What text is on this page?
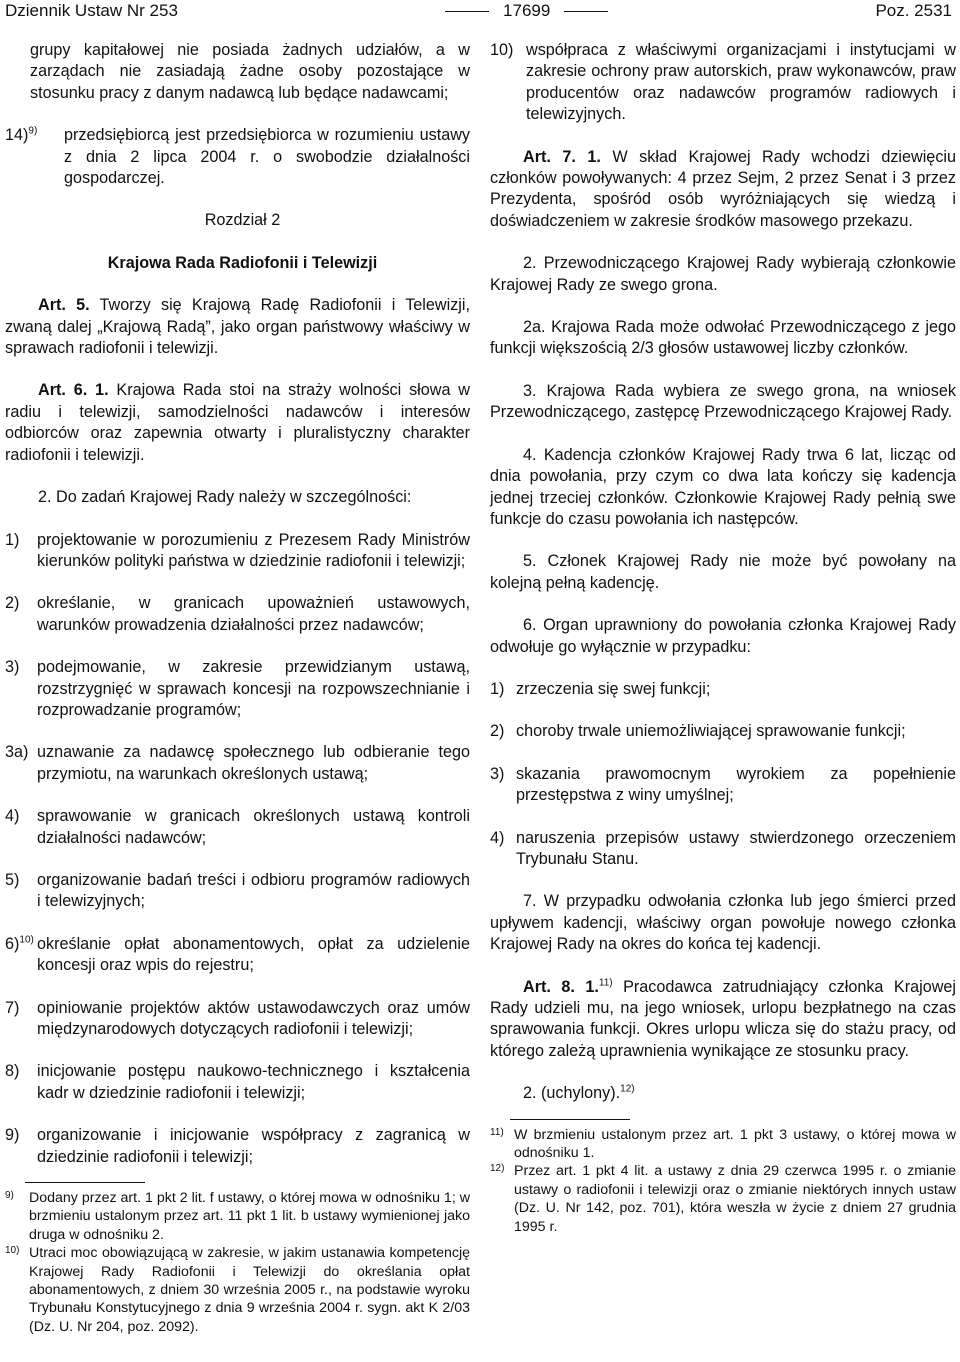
Dziennik Ustaw Nr 253	17699	Poz. 2531

grupy kapitałowej nie posiada żadnych udziałów, a w zarządach nie zasiadają żadne osoby pozostające w stosunku pracy z danym nadawcą lub będące nadawcami;

14)$^{9)}$	przedsiębiorcą jest przedsiębiorca w rozumieniu ustawy z dnia 2 lipca 2004 r. o swobodzie działalności gospodarczej.

Rozdział 2

Krajowa Rada Radiofonii i Telewizji

Art. 5. Tworzy się Krajową Radę Radiofonii i Telewizji, zwaną dalej „Krajową Radą”, jako organ państwowy właściwy w sprawach radiofonii i telewizji.

Art. 6. 1. Krajowa Rada stoi na straży wolności słowa w radiu i telewizji, samodzielności nadawców i interesów odbiorców oraz zapewnia otwarty i pluralistyczny charakter radiofonii i telewizji.

2. Do zadań Krajowej Rady należy w szczególności:

1)	projektowanie w porozumieniu z Prezesem Rady Ministrów kierunków polityki państwa w dziedzinie radiofonii i telewizji;
2)	określanie, w granicach upoważnień ustawowych, warunków prowadzenia działalności przez nadawców;
3)	podejmowanie, w zakresie przewidzianym ustawą, rozstrzygnięć w sprawach koncesji na rozpowszechnianie i rozprowadzanie programów;
3a) uznawanie za nadawcę społecznego lub odbieranie tego przymiotu, na warunkach określonych ustawą;
4)	sprawowanie w granicach określonych ustawą kontroli działalności nadawców;
5)	organizowanie badań treści i odbioru programów radiowych i telewizyjnych;
6)$^{10)}$ określanie opłat abonamentowych, opłat za udzielenie koncesji oraz wpis do rejestru;
7)	opiniowanie projektów aktów ustawodawczych oraz umów międzynarodowych dotyczących radiofonii i telewizji;
8)	inicjowanie postępu naukowo-technicznego i kształcenia kadr w dziedzinie radiofonii i telewizji;
9)	organizowanie i inicjowanie współpracy z zagranicą w dziedzinie radiofonii i telewizji;
9)	Dodany przez art. 1 pkt 2 lit. f ustawy, o której mowa w odnośniku 1; w brzmieniu ustalonym przez art. 11 pkt 1 lit. b ustawy wymienionej jako druga w odnośniku 2.
10) Utraci moc obowiązującą w zakresie, w jakim ustanawia kompetencję Krajowej Rady Radiofonii i Telewizji do określania opłat abonamentowych, z dniem 30 września 2005 r., na podstawie wyroku Trybunału Konstytucyjnego z dnia 9 września 2004 r. sygn. akt K 2/03 (Dz. U. Nr 204, poz. 2092).
10) współpraca z właściwymi organizacjami i instytucjami w zakresie ochrony praw autorskich, praw wykonawców, praw producentów oraz nadawców programów radiowych i telewizyjnych.

Art. 7. 1. W skład Krajowej Rady wchodzi dziewięciu członków powoływanych: 4 przez Sejm, 2 przez Senat i 3 przez Prezydenta, spośród osób wyróżniających się wiedzą i doświadczeniem w zakresie środków masowego przekazu.

2. Przewodniczącego Krajowej Rady wybierają członkowie Krajowej Rady ze swego grona.

2a. Krajowa Rada może odwołać Przewodniczącego z jego funkcji większością 2/3 głosów ustawowej liczby członków.

3. Krajowa Rada wybiera ze swego grona, na wniosek Przewodniczącego, zastępcę Przewodniczącego Krajowej Rady.

4. Kadencja członków Krajowej Rady trwa 6 lat, licząc od dnia powołania, przy czym co dwa lata kończy się kadencja jednej trzeciej członków. Członkowie Krajowej Rady pełnią swe funkcje do czasu powołania ich następców.

5. Członek Krajowej Rady nie może być powołany na kolejną pełną kadencję.

6. Organ uprawniony do powołania członka Krajowej Rady odwołuje go wyłącznie w przypadku:

1) zrzeczenia się swej funkcji;
2) choroby trwale uniemożliwiającej sprawowanie funkcji;
3) skazania prawomocnym wyrokiem za popełnienie przestępstwa z winy umyślnej;
4) naruszenia przepisów ustawy stwierdzonego orzeczeniem Trybunału Stanu.

7. W przypadku odwołania członka lub jego śmierci przed upływem kadencji, właściwy organ powołuje nowego członka Krajowej Rady na okres do końca tej kadencji.

Art. 8. 1.$^{11)}$ Pracodawca zatrudniający członka Krajowej Rady udzieli mu, na jego wniosek, urlopu bezpłatnego na czas sprawowania funkcji. Okres urlopu wlicza się do stażu pracy, od którego zależą uprawnienia wynikające ze stosunku pracy.

2. (uchylony).$^{12)}$

11) W brzmieniu ustalonym przez art. 1 pkt 3 ustawy, o której mowa w odnośniku 1.
12) Przez art. 1 pkt 4 lit. a ustawy z dnia 29 czerwca 1995 r. o zmianie ustawy o radiofonii i telewizji oraz o zmianie niektórych innych ustaw (Dz. U. Nr 142, poz. 701), która weszła w życie z dniem 27 grudnia 1995 r.
